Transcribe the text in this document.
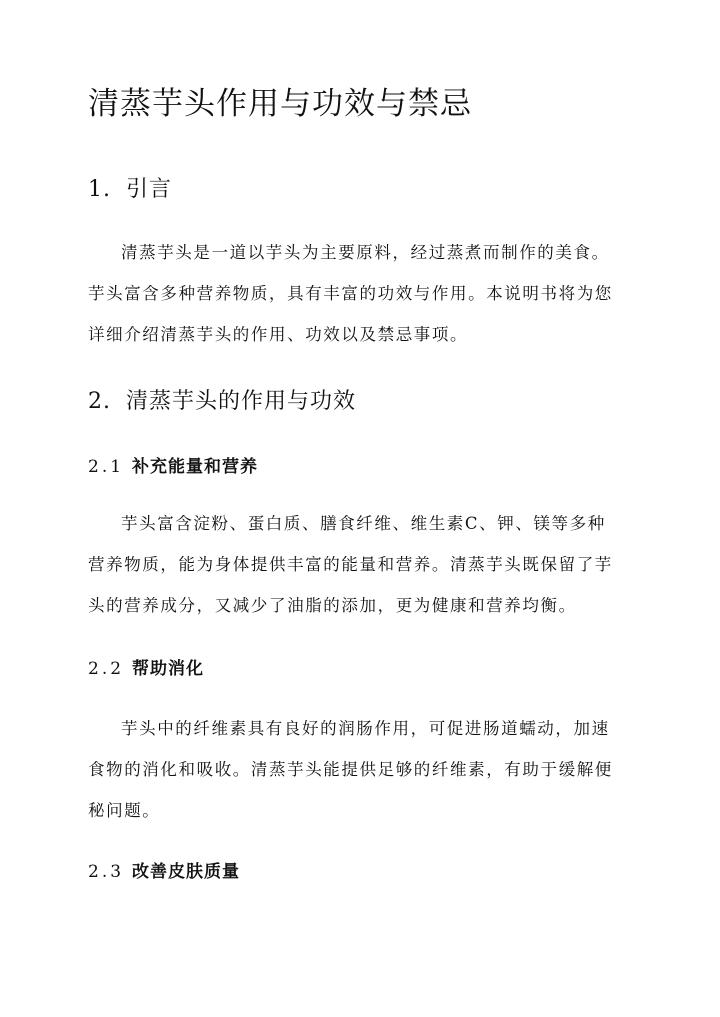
清蒸芋头作用与功效与禁忌
1. 引言
清蒸芋头是一道以芋头为主要原料，经过蒸煮而制作的美食。
芋头富含多种营养物质，具有丰富的功效与作用。本说明书将为您
详细介绍清蒸芋头的作用、功效以及禁忌事项。
2. 清蒸芋头的作用与功效
2.1 补充能量和营养
芋头富含淀粉、蛋白质、膳食纤维、维生素C、钾、镁等多种
营养物质，能为身体提供丰富的能量和营养。清蒸芋头既保留了芋
头的营养成分，又减少了油脂的添加，更为健康和营养均衡。
2.2 帮助消化
芋头中的纤维素具有良好的润肠作用，可促进肠道蠕动，加速
食物的消化和吸收。清蒸芋头能提供足够的纤维素，有助于缓解便
秘问题。
2.3 改善皮肤质量
